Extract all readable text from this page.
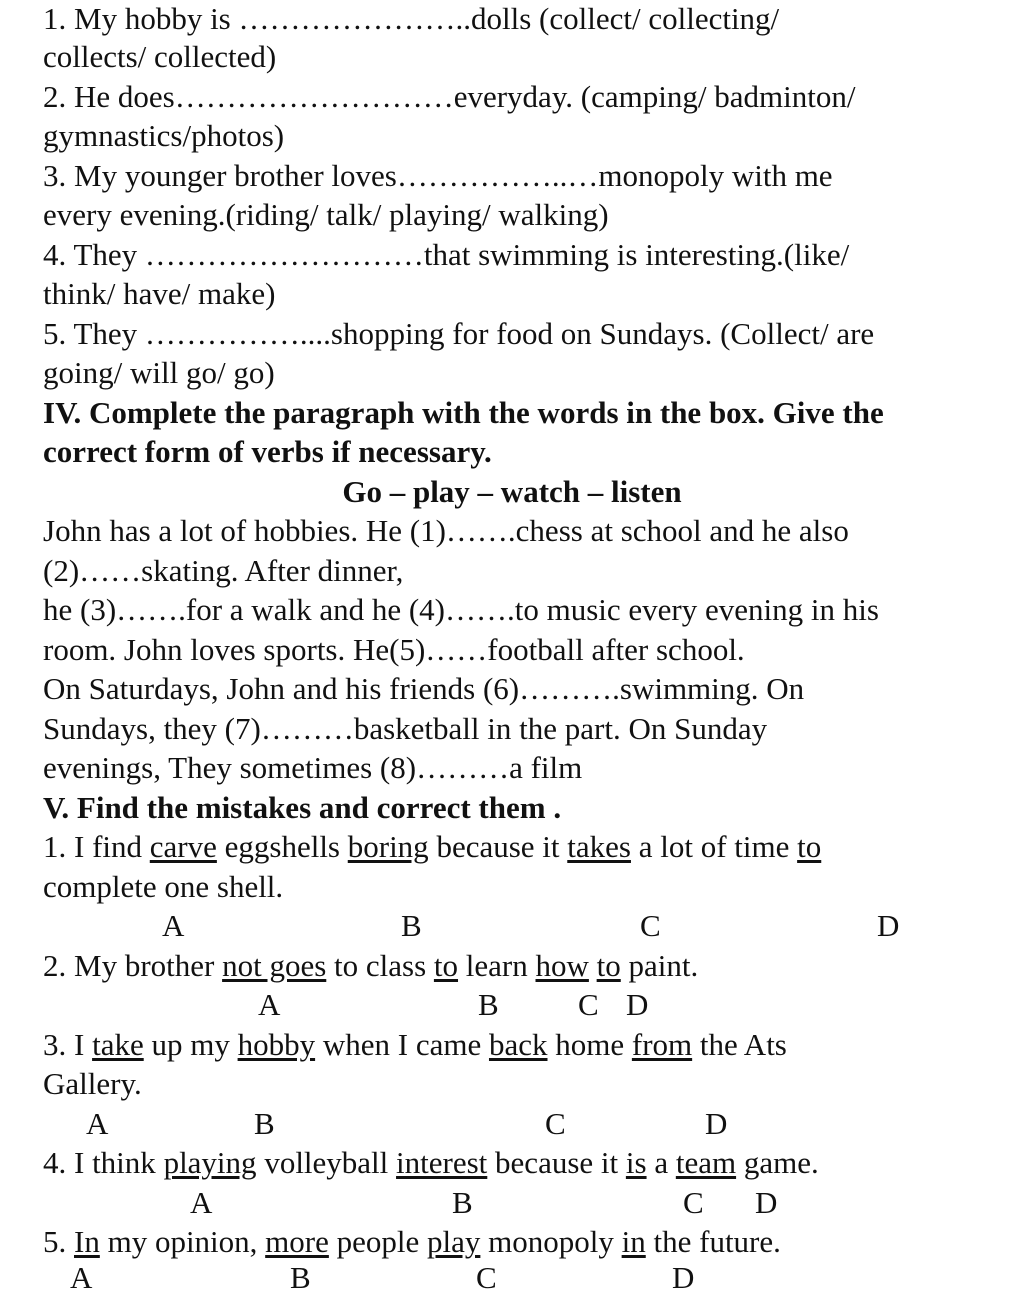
1. My hobby is …………………..dolls (collect/ collecting/
collects/ collected)
2. He does………………………everyday. (camping/ badminton/
gymnastics/photos)
3. My younger brother loves……………..…monopoly with me
every evening.(riding/ talk/ playing/ walking)
4. They ………………………that swimming is interesting.(like/
think/ have/ make)
5. They ……………....shopping for food on Sundays. (Collect/ are
going/ will go/ go)
IV. Complete the paragraph with the words in the box. Give the
correct form of verbs if necessary.
Go – play – watch – listen
John has a lot of hobbies. He (1)…….chess at school and he also
(2)……skating. After dinner,
he (3)…….for a walk and he (4)…….to music every evening in his
room. John loves sports. He(5)……football after school.
On Saturdays, John and his friends (6)……….swimming. On
Sundays, they (7)………basketball in the part. On Sunday
evenings, They sometimes (8)………a film
V. Find the mistakes and correct them .
1. I find carve eggshells boring because it takes a lot of time to
complete one shell.
A	B	C	D
2. My brother not goes to class to learn how to paint.
A	B	C D
3. I take up my hobby when I came back home from the Ats
Gallery.
A	B	C	D
4. I think playing volleyball interest because it is a team game.
A	B	C D
5. In my opinion, more people play monopoly in the future.
A	B	C	D
